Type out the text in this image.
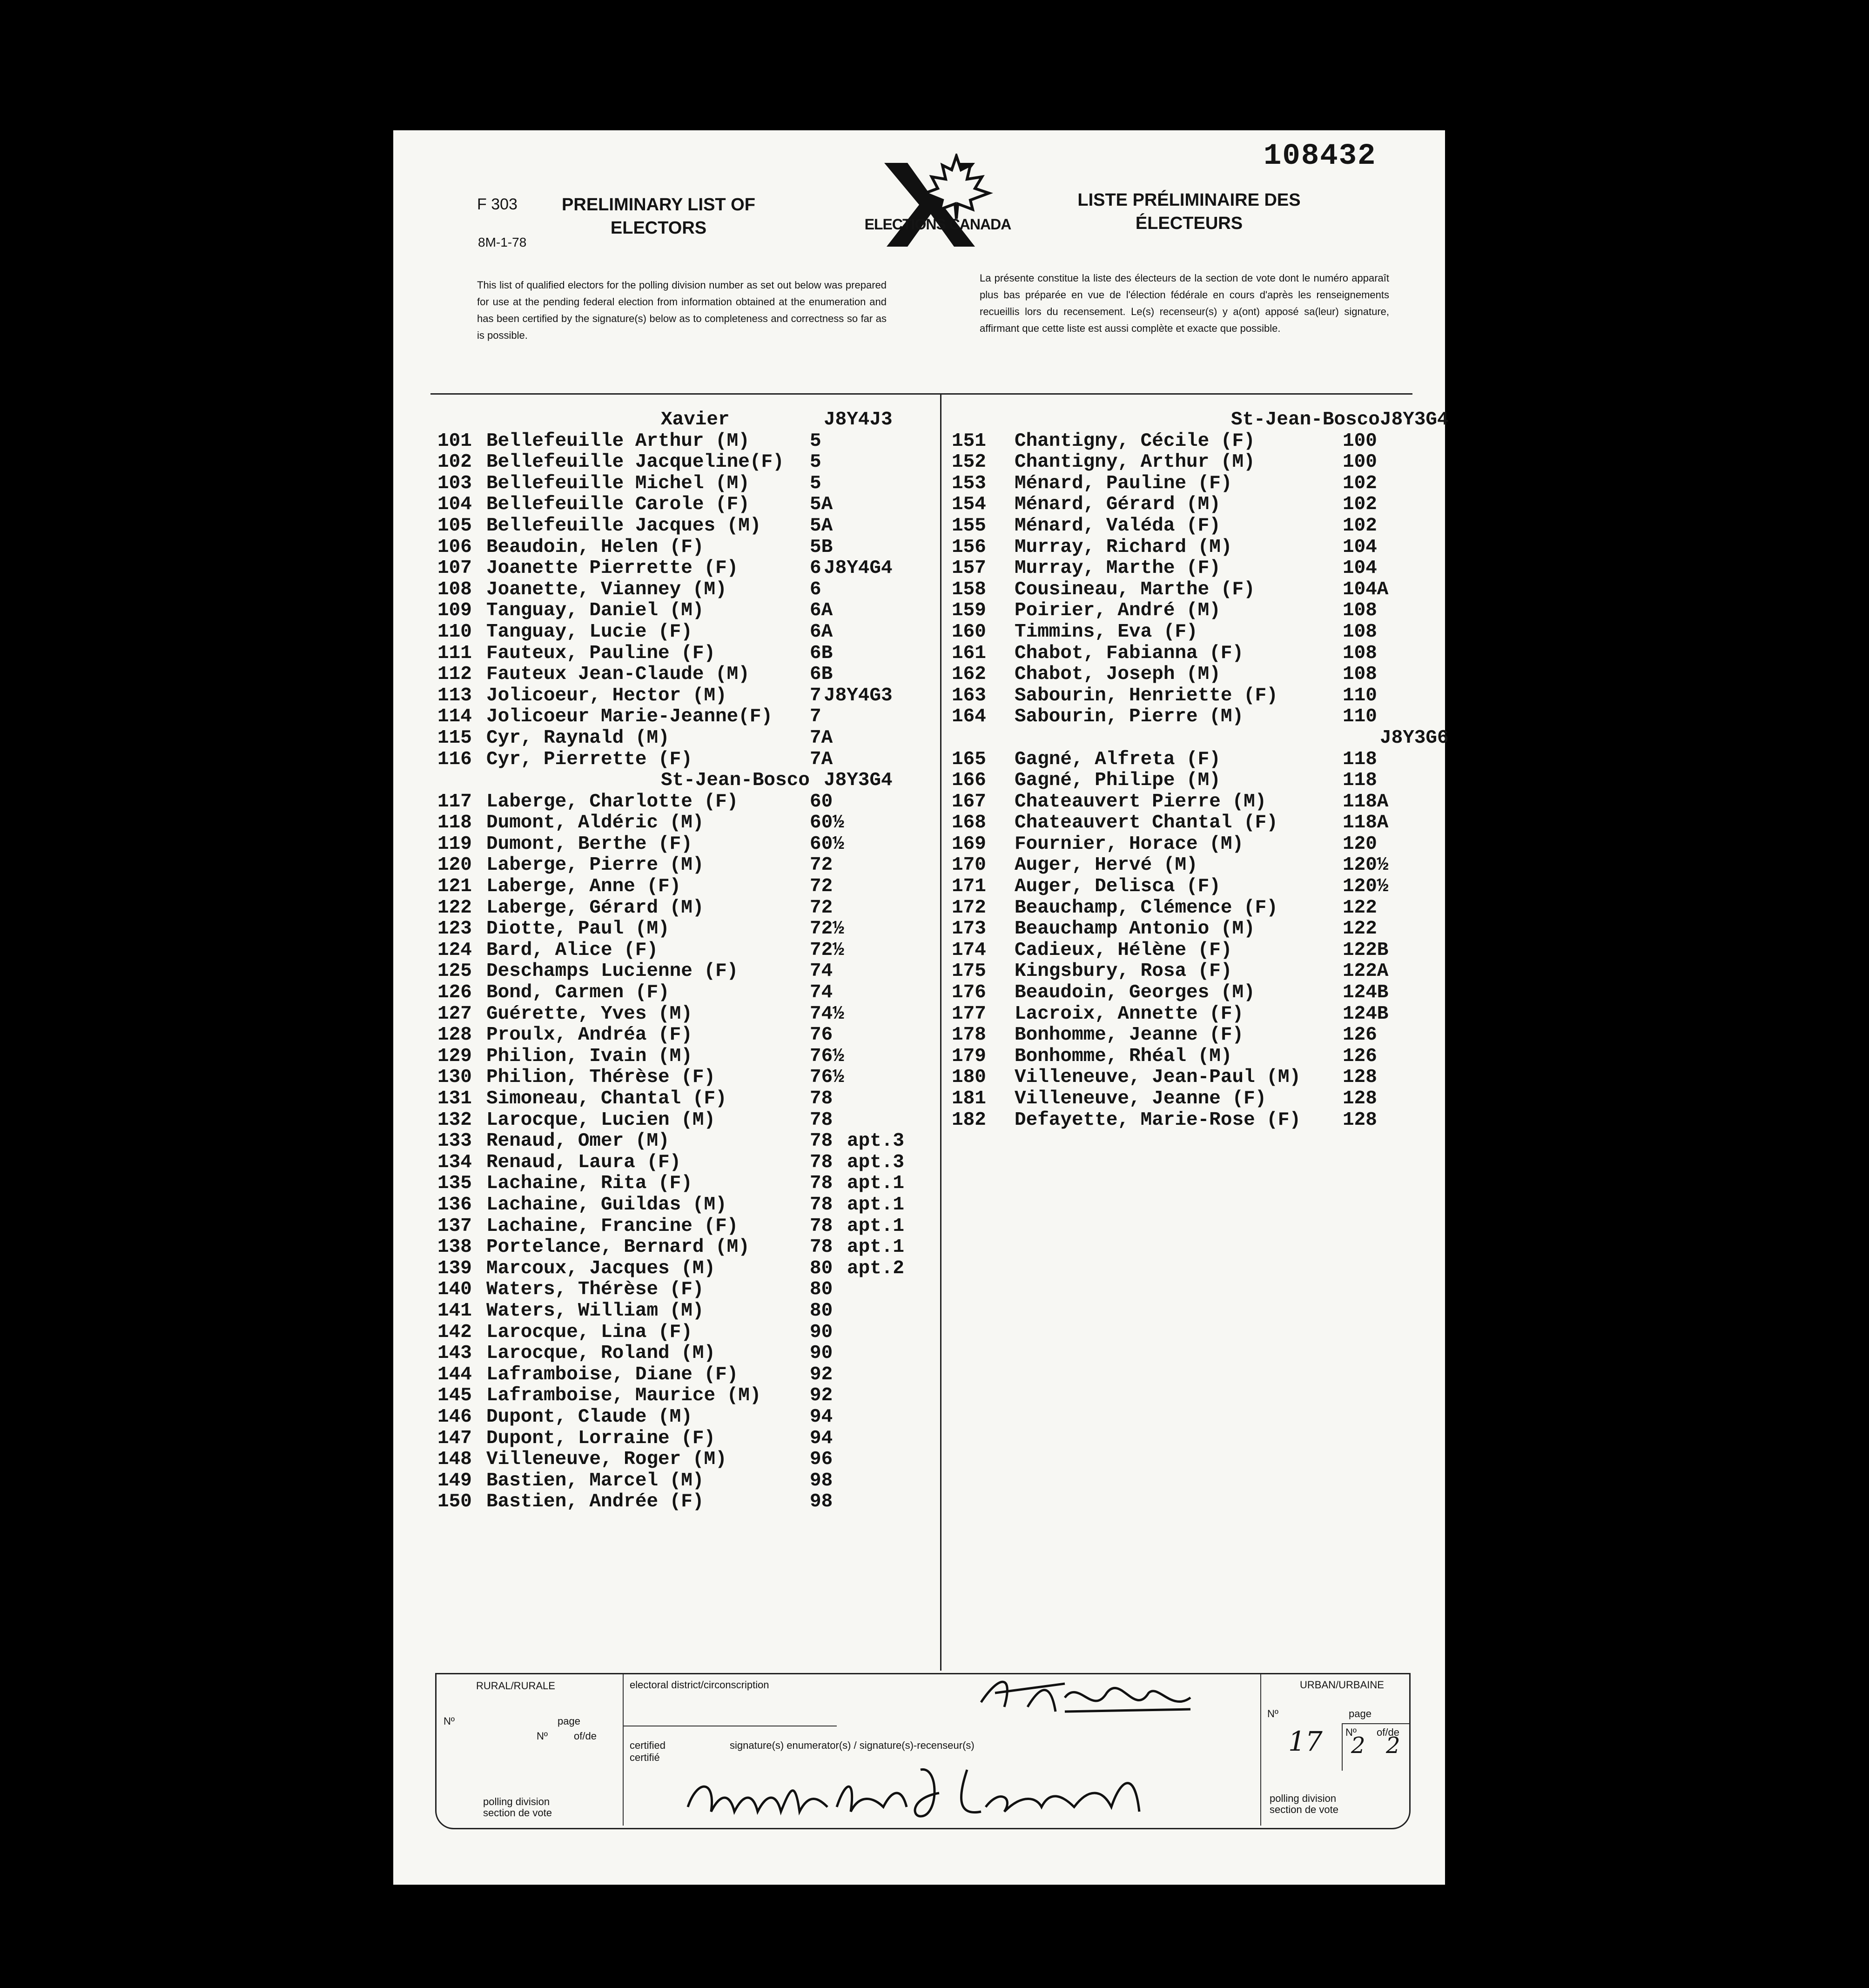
F 303
8M-1-78
PRELIMINARY LIST OF ELECTORS
LISTE PRÉLIMINAIRE DES ÉLECTEURS
108432
ELECTIONS CANADA
This list of qualified electors for the polling division number as set out below was prepared for use at the pending federal election from information obtained at the enumeration and has been certified by the signature(s) below as to completeness and correctness so far as is possible.
La présente constitue la liste des électeurs de la section de vote dont le numéro apparaît plus bas préparée en vue de l'élection fédérale en cours d'après les renseignements recueillis lors du recensement. Le(s) recenseur(s) y a(ont) apposé sa(leur) signature, affirmant que cette liste est aussi complète et exacte que possible.
Xavier	J8Y4J3
101 Bellefeuille Arthur (M)	5
102 Bellefeuille Jacqueline(F) 5
103 Bellefeuille Michel (M)	5
104 Bellefeuille Carole (F)	5A
105 Bellefeuille Jacques (M)	5A
106 Beaudoin, Helen (F)	5B
107 Joanette Pierrette (F)	6 J8Y4G4
108 Joanette, Vianney (M)	6
109 Tanguay, Daniel (M)	6A
110 Tanguay, Lucie (F)	6A
111 Fauteux, Pauline (F)	6B
112 Fauteux Jean-Claude (M)	6B
113 Jolicoeur, Hector (M)	7 J8Y4G3
114 Jolicoeur Marie-Jeanne(F) 7
115 Cyr, Raynald (M)	7A
116 Cyr, Pierrette (F)	7A
St-Jean-Bosco J8Y3G4
117 Laberge, Charlotte (F)	60
118 Dumont, Aldéric (M)	60½
119 Dumont, Berthe (F)	60½
120 Laberge, Pierre (M)	72
121 Laberge, Anne (F)	72
122 Laberge, Gérard (M)	72
123 Diotte, Paul (M)	72½
124 Bard, Alice (F)	72½
125 Deschamps Lucienne (F)	74
126 Bond, Carmen (F)	74
127 Guérette, Yves (M)	74½
128 Proulx, Andréa (F)	76
129 Philion, Ivain (M)	76½
130 Philion, Thérèse (F)	76½
131 Simoneau, Chantal (F)	78
132 Larocque, Lucien (M)	78
133 Renaud, Omer (M)	78 apt.3
134 Renaud, Laura (F)	78 apt.3
135 Lachaine, Rita (F)	78 apt.1
136 Lachaine, Guildas (M)	78 apt.1
137 Lachaine, Francine (F)	78 apt.1
138 Portelance, Bernard (M)	78 apt.1
139 Marcoux, Jacques (M)	80 apt.2
140 Waters, Thérèse (F)	80
141 Waters, William (M)	80
142 Larocque, Lina (F)	90
143 Larocque, Roland (M)	90
144 Laframboise, Diane (F)	92
145 Laframboise, Maurice (M)	92
146 Dupont, Claude (M)	94
147 Dupont, Lorraine (F)	94
148 Villeneuve, Roger (M)	96
149 Bastien, Marcel (M)	98
150 Bastien, Andrée (F)	98
St-Jean-Bosco J8Y3G4
151 Chantigny, Cécile (F)	100
152 Chantigny, Arthur (M)	100
153 Ménard, Pauline (F)	102
154 Ménard, Gérard (M)	102
155 Ménard, Valéda (F)	102
156 Murray, Richard (M)	104
157 Murray, Marthe (F)	104
158 Cousineau, Marthe (F)	104A
159 Poirier, André (M)	108
160 Timmins, Eva (F)	108
161 Chabot, Fabianna (F)	108
162 Chabot, Joseph (M)	108
163 Sabourin, Henriette (F)	110
164 Sabourin, Pierre (M)	110
J8Y3G6
165 Gagné, Alfreta (F)	118
166 Gagné, Philipe (M)	118
167 Chateauvert Pierre (M)	118A
168 Chateauvert Chantal (F)	118A
169 Fournier, Horace (M)	120
170 Auger, Hervé (M)	120½
171 Auger, Delisca (F)	120½
172 Beauchamp, Clémence (F)	122
173 Beauchamp Antonio (M)	122
174 Cadieux, Hélène (F)	122B
175 Kingsbury, Rosa (F)	122A
176 Beaudoin, Georges (M)	124B
177 Lacroix, Annette (F)	124B
178 Bonhomme, Jeanne (F)	126
179 Bonhomme, Rhéal (M)	126
180 Villeneuve, Jean-Paul (M) 128
181 Villeneuve, Jeanne (F)	128
182 Defayette, Marie-Rose (F) 128
RURAL/RURALE
Nº	page
Nº	of/de
polling division
section de vote
electoral district/circonscription
certified
certifié
signature(s) enumerator(s) / signature(s)-recenseur(s)
URBAN/URBAINE
Nº	page
Nº of/de
17 2 2
polling division
section de vote
